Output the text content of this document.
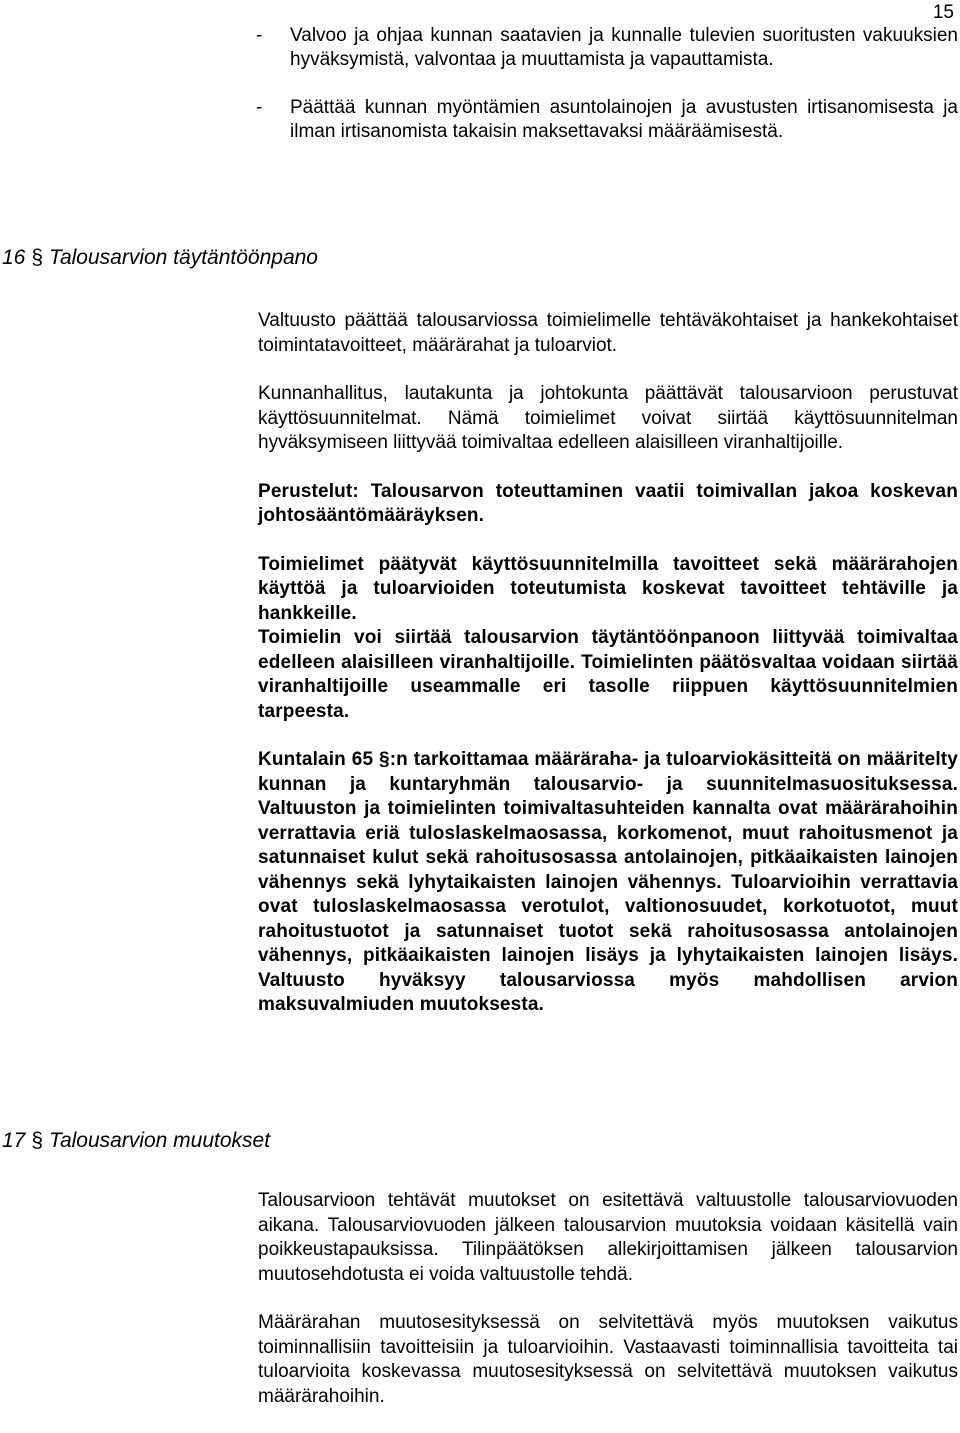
15
- Valvoo ja ohjaa kunnan saatavien ja kunnalle tulevien suoritusten vakuuksien hyväksymistä, valvontaa ja muuttamista ja vapauttamista.
- Päättää kunnan myöntämien asuntolainojen ja avustusten irtisanomisesta ja ilman irtisanomista takaisin maksettavaksi määräämisestä.
16 § Talousarvion täytäntöönpano

Valtuusto päättää talousarviossa toimielimelle tehtäväkohtaiset ja hankekohtaiset toimintatavoitteet, määrärahat ja tuloarviot.

Kunnanhallitus, lautakunta ja johtokunta päättävät talousarvioon perustuvat käyttösuunnitelmat. Nämä toimielimet voivat siirtää käyttösuunnitelman hyväksymiseen liittyvää toimivaltaa edelleen alaisilleen viranhaltijoille.

Perustelut: Talousarvon toteuttaminen vaatii toimivallan jakoa koskevan johtosääntömääräyksen.

Toimielimet päätyvät käyttösuunnitelmilla tavoitteet sekä määrärahojen käyttöä ja tuloarvioiden toteutumista koskevat tavoitteet tehtäville ja hankkeille.

Toimielin voi siirtää talousarvion täytäntöönpanoon liittyvää toimivaltaa edelleen alaisilleen viranhaltijoille. Toimielinten päätösvaltaa voidaan siirtää viranhaltijoille useammalle eri tasolle riippuen käyttösuunnitelmien tarpeesta.

Kuntalain 65 §:n tarkoittamaa määräraha- ja tuloarviokäsitteitä on määritelty kunnan ja kuntaryhmän talousarvio- ja suunnitelmasuosituksessa. Valtuuston ja toimielinten toimivaltasuhteiden kannalta ovat määrärahoihin verrattavia eriä tuloslaskelmaosassa, korkomenot, muut rahoitusmenot ja satunnaiset kulut sekä rahoitusosassa antolainojen, pitkäaikaisten lainojen vähennys sekä lyhytaikaisten lainojen vähennys. Tuloarvioihin verrattavia ovat tuloslaskelmaosassa verotulot, valtionosuudet, korkotuotot, muut rahoitustuotot ja satunnaiset tuotot sekä rahoitusosassa antolainojen vähennys, pitkäaikaisten lainojen lisäys ja lyhytaikaisten lainojen lisäys. Valtuusto hyväksyy talousarviossa myös mahdollisen arvion maksuvalmiuden muutoksesta.

17 § Talousarvion muutokset

Talousarvioon tehtävät muutokset on esitettävä valtuustolle talousarviovuoden aikana. Talousarviovuoden jälkeen talousarvion muutoksia voidaan käsitellä vain poikkeustapauksissa. Tilinpäätöksen allekirjoittamisen jälkeen talousarvion muutosehdotusta ei voida valtuustolle tehdä.

Määrärahan muutosesityksessä on selvitettävä myös muutoksen vaikutus toiminnallisiin tavoitteisiin ja tuloarvioihin. Vastaavasti toiminnallisia tavoitteita tai tuloarvioita koskevassa muutosesityksessä on selvitettävä muutoksen vaikutus määrärahoihin.
